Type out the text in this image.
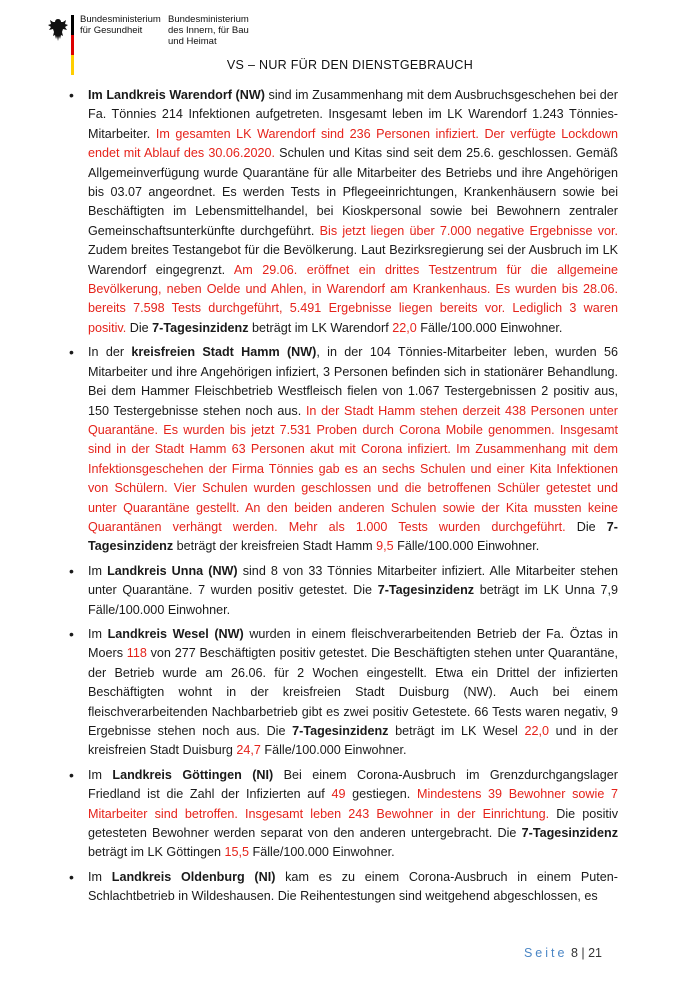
Bundesministerium
für Gesundheit
Bundesministerium
des Innern, für Bau
und Heimat
VS – NUR FÜR DEN DIENSTGEBRAUCH
• Im Landkreis Warendorf (NW) sind im Zusammenhang mit dem Ausbruchsgeschehen bei der Fa. Tönnies 214 Infektionen aufgetreten. Insgesamt leben im LK Warendorf 1.243 Tönnies-Mitarbeiter. Im gesamten LK Warendorf sind 236 Personen infiziert. Der verfügte Lockdown endet mit Ablauf des 30.06.2020. Schulen und Kitas sind seit dem 25.6. geschlossen. Gemäß Allgemeinverfügung wurde Quarantäne für alle Mitarbeiter des Betriebs und ihre Angehörigen bis 03.07 angeordnet. Es werden Tests in Pflegeeinrichtungen, Krankenhäusern sowie bei Beschäftigten im Lebensmittelhandel, bei Kioskpersonal sowie bei Bewohnern zentraler Gemeinschaftsunterkünfte durchgeführt. Bis jetzt liegen über 7.000 negative Ergebnisse vor. Zudem breites Testangebot für die Bevölkerung. Laut Bezirksregierung sei der Ausbruch im LK Warendorf eingegrenzt. Am 29.06. eröffnet ein drittes Testzentrum für die allgemeine Bevölkerung, neben Oelde und Ahlen, in Warendorf am Krankenhaus. Es wurden bis 28.06. bereits 7.598 Tests durchgeführt, 5.491 Ergebnisse liegen bereits vor. Lediglich 3 waren positiv. Die 7-Tagesinzidenz beträgt im LK Warendorf 22,0 Fälle/100.000 Einwohner.
• In der kreisfreien Stadt Hamm (NW), in der 104 Tönnies-Mitarbeiter leben, wurden 56 Mitarbeiter und ihre Angehörigen infiziert, 3 Personen befinden sich in stationärer Behandlung. Bei dem Hammer Fleischbetrieb Westfleisch fielen von 1.067 Testergebnissen 2 positiv aus, 150 Testergebnisse stehen noch aus. In der Stadt Hamm stehen derzeit 438 Personen unter Quarantäne. Es wurden bis jetzt 7.531 Proben durch Corona Mobile genommen. Insgesamt sind in der Stadt Hamm 63 Personen akut mit Corona infiziert. Im Zusammenhang mit dem Infektionsgeschehen der Firma Tönnies gab es an sechs Schulen und einer Kita Infektionen von Schülern. Vier Schulen wurden geschlossen und die betroffenen Schüler getestet und unter Quarantäne gestellt. An den beiden anderen Schulen sowie der Kita mussten keine Quarantänen verhängt werden. Mehr als 1.000 Tests wurden durchgeführt. Die 7-Tagesinzidenz beträgt der kreisfreien Stadt Hamm 9,5 Fälle/100.000 Einwohner.
• Im Landkreis Unna (NW) sind 8 von 33 Tönnies Mitarbeiter infiziert. Alle Mitarbeiter stehen unter Quarantäne. 7 wurden positiv getestet. Die 7-Tagesinzidenz beträgt im LK Unna 7,9 Fälle/100.000 Einwohner.
• Im Landkreis Wesel (NW) wurden in einem fleischverarbeitenden Betrieb der Fa. Öztas in Moers 118 von 277 Beschäftigten positiv getestet. Die Beschäftigten stehen unter Quarantäne, der Betrieb wurde am 26.06. für 2 Wochen eingestellt. Etwa ein Drittel der infizierten Beschäftigten wohnt in der kreisfreien Stadt Duisburg (NW). Auch bei einem fleischverarbeitenden Nachbarbetrieb gibt es zwei positiv Getestete. 66 Tests waren negativ, 9 Ergebnisse stehen noch aus. Die 7-Tagesinzidenz beträgt im LK Wesel 22,0 und in der kreisfreien Stadt Duisburg 24,7 Fälle/100.000 Einwohner.
• Im Landkreis Göttingen (NI) Bei einem Corona-Ausbruch im Grenzdurchgangslager Friedland ist die Zahl der Infizierten auf 49 gestiegen. Mindestens 39 Bewohner sowie 7 Mitarbeiter sind betroffen. Insgesamt leben 243 Bewohner in der Einrichtung. Die positiv getesteten Bewohner werden separat von den anderen untergebracht. Die 7-Tagesinzidenz beträgt im LK Göttingen 15,5 Fälle/100.000 Einwohner.
• Im Landkreis Oldenburg (NI) kam es zu einem Corona-Ausbruch in einem Puten-Schlachtbetrieb in Wildeshausen. Die Reihentestungen sind weitgehend abgeschlossen, es
Seite 8 | 21
